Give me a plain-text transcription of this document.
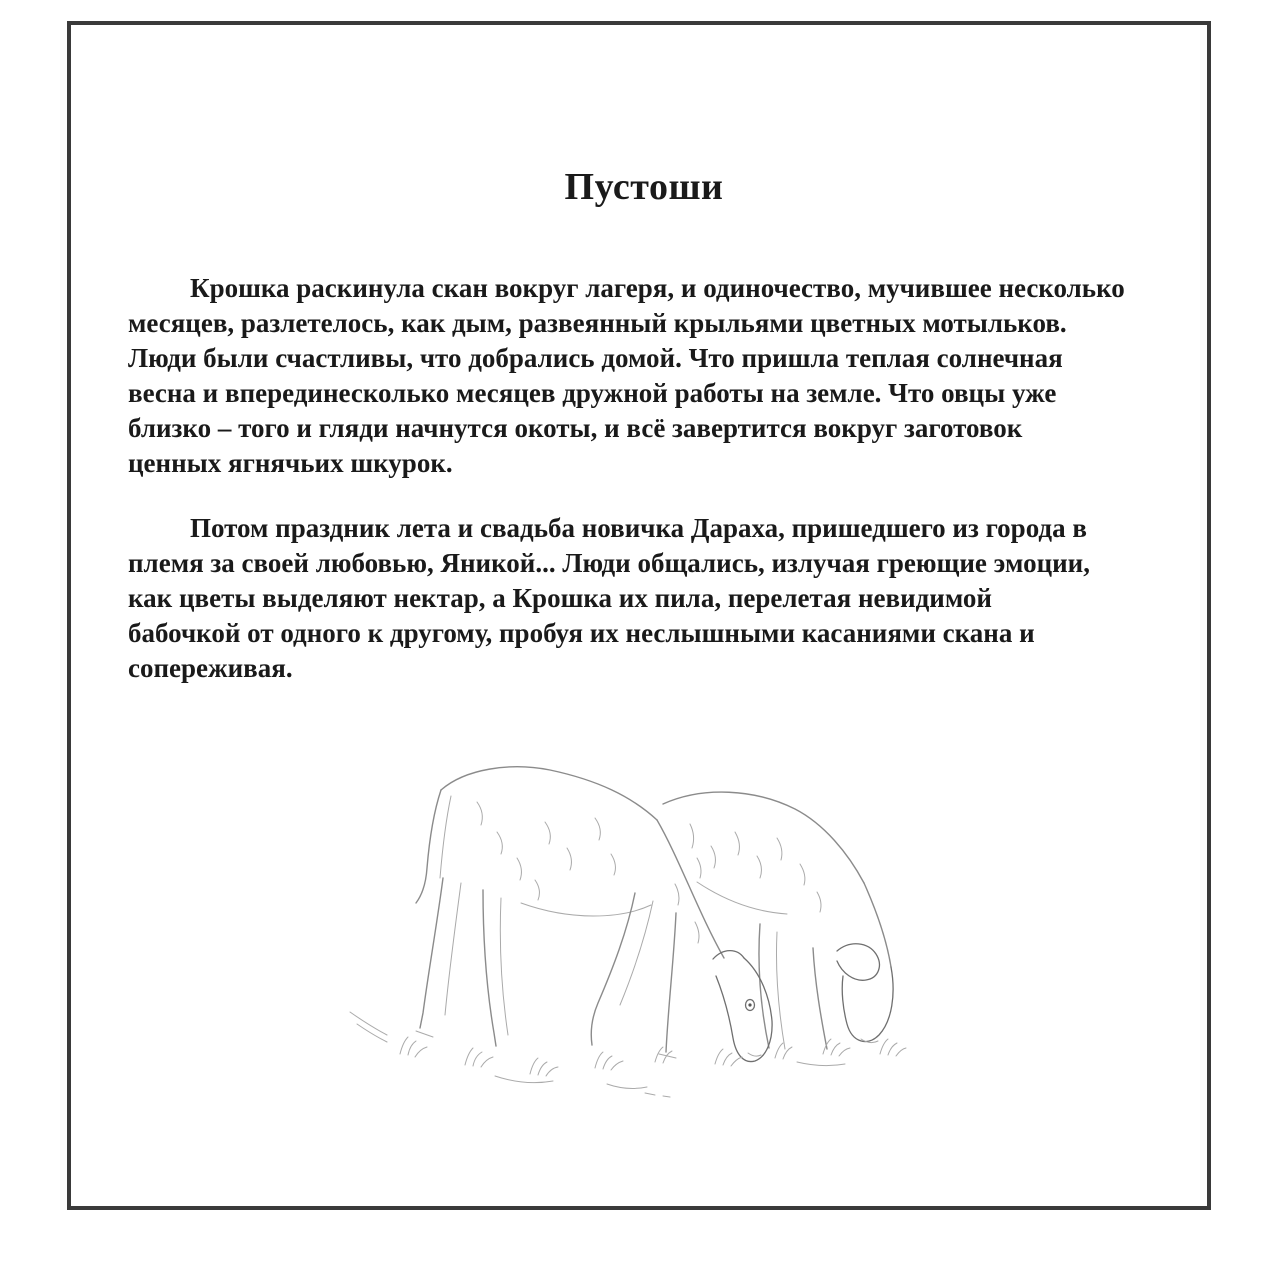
Пустоши
Крошка раскинула скан вокруг лагеря, и одиночество, мучившее несколько
месяцев, разлетелось, как дым, развеянный крыльями цветных мотыльков.
Люди были счастливы, что добрались домой. Что пришла теплая солнечная
весна и вперединесколько месяцев дружной работы на земле. Что овцы уже
близко – того и гляди начнутся окоты, и всё завертится вокруг заготовок
ценных ягнячьих шкурок.
Потом праздник лета и свадьба новичка Дараха, пришедшего из города в
племя за своей любовью, Яникой... Люди общались, излучая греющие эмоции,
как цветы выделяют нектар, а Крошка их пила, перелетая невидимой
бабочкой от одного к другому, пробуя их неслышными касаниями скана и
сопереживая.
